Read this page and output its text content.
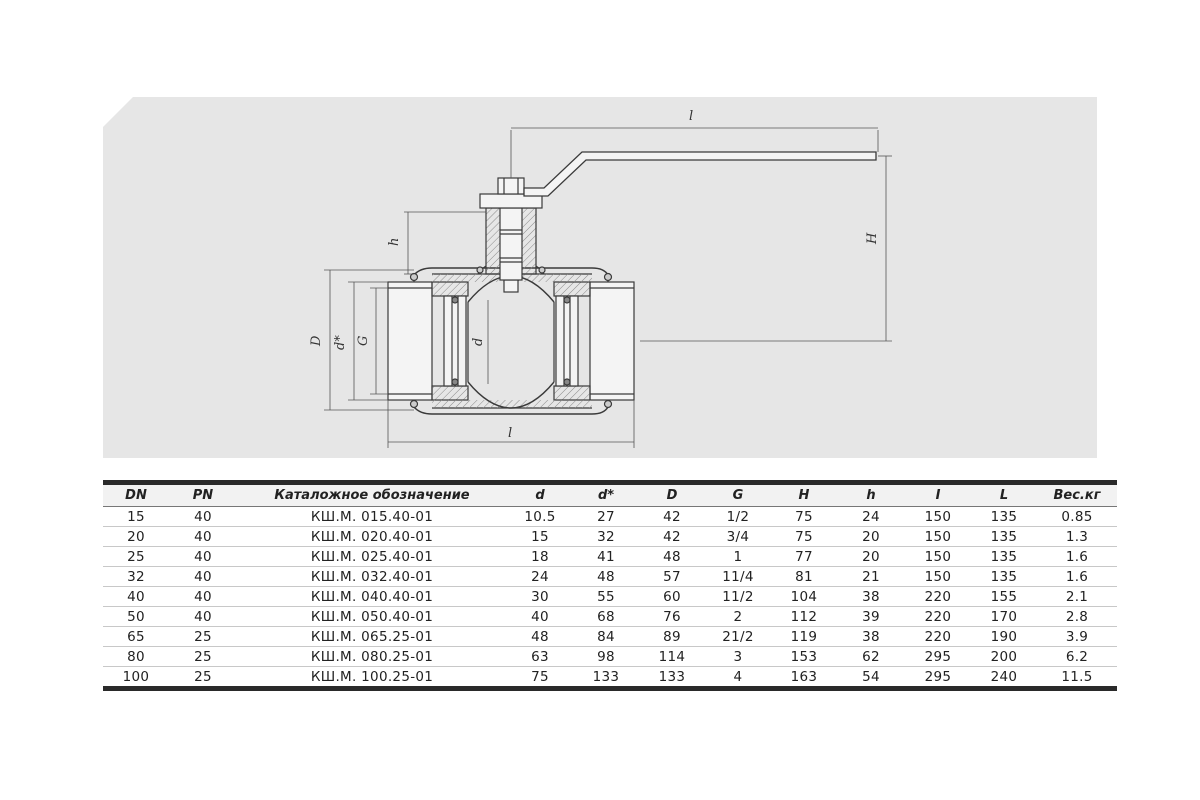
l
H
h
D d* G	d
l
DN	PN	Каталожное обозначение	d	d*	D	G	H	h	I	L	Вес.кг
15	40	КШ.М. 015.40-01	10.5	27	42	1/2	75	24	150	135	0.85
20	40	КШ.М. 020.40-01	15	32	42	3/4	75	20	150	135	1.3
25	40	КШ.М. 025.40-01	18	41	48	1	77	20	150	135	1.6
32	40	КШ.М. 032.40-01	24	48	57	11/4	81	21	150	135	1.6
40	40	КШ.М. 040.40-01	30	55	60	11/2	104	38	220	155	2.1
50	40	КШ.М. 050.40-01	40	68	76	2	112	39	220	170	2.8
65	25	КШ.М. 065.25-01	48	84	89	21/2	119	38	220	190	3.9
80	25	КШ.М. 080.25-01	63	98	114	3	153	62	295	200	6.2
100	25	КШ.М. 100.25-01	75	133	133	4	163	54	295	240	11.5
